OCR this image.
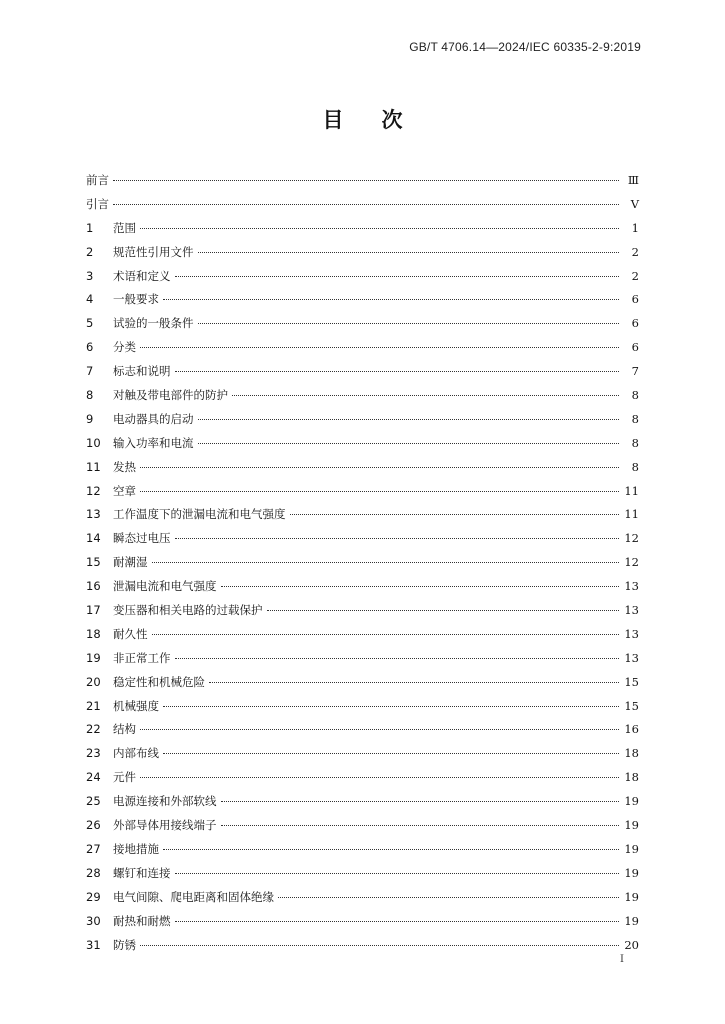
GB/T 4706.14—2024/IEC 60335-2-9:2019
目 次
前言	Ⅲ
引言	Ⅴ
1	范围	1
2	规范性引用文件	2
3	术语和定义	2
4	一般要求	6
5	试验的一般条件	6
6	分类	6
7	标志和说明	7
8	对触及带电部件的防护	8
9	电动器具的启动	8
10	输入功率和电流	8
11	发热	8
12	空章	11
13	工作温度下的泄漏电流和电气强度	11
14	瞬态过电压	12
15	耐潮湿	12
16	泄漏电流和电气强度	13
17	变压器和相关电路的过载保护	13
18	耐久性	13
19	非正常工作	13
20	稳定性和机械危险	15
21	机械强度	15
22	结构	16
23	内部布线	18
24	元件	18
25	电源连接和外部软线	19
26	外部导体用接线端子	19
27	接地措施	19
28	螺钉和连接	19
29	电气间隙、爬电距离和固体绝缘	19
30	耐热和耐燃	19
31	防锈	20
I
